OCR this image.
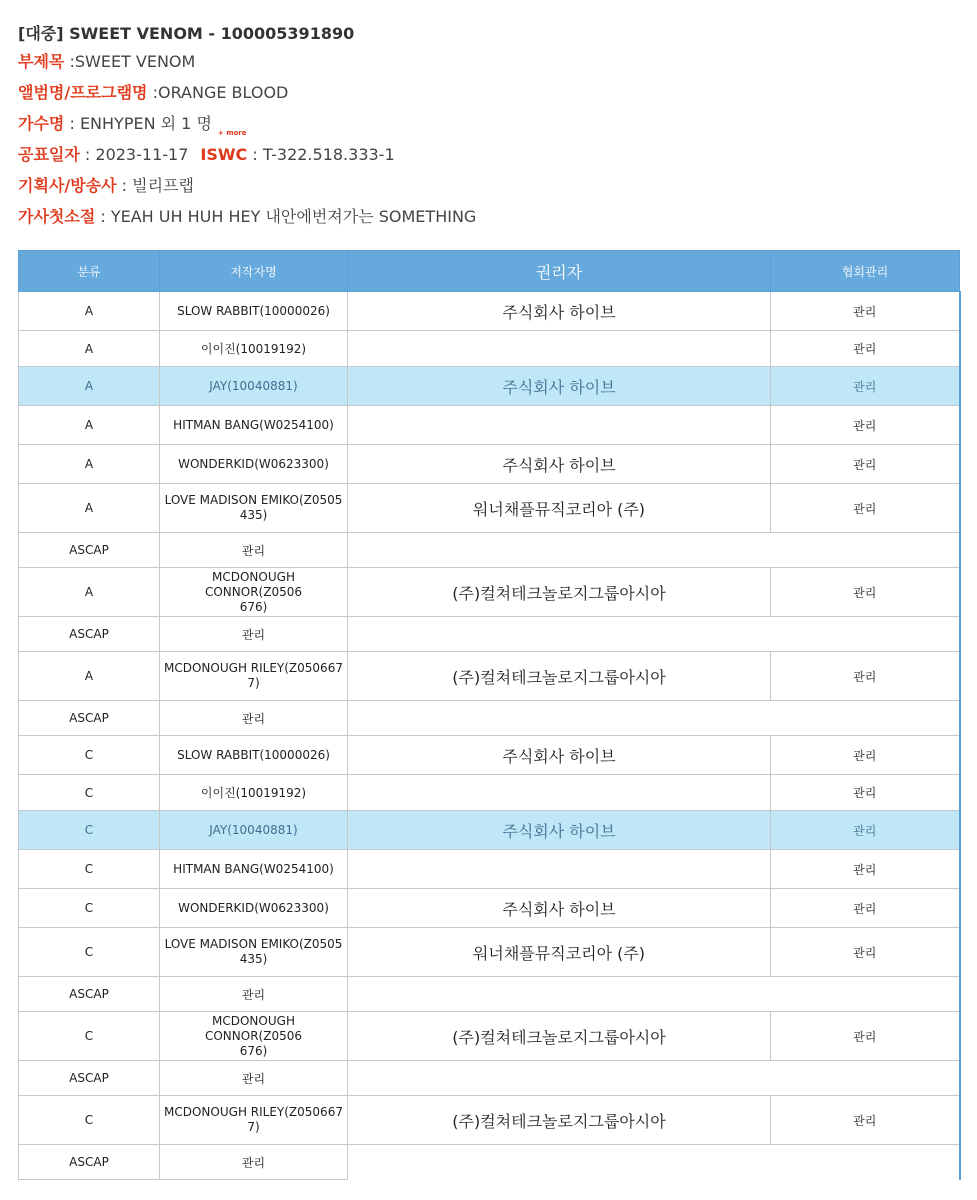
[대중] SWEET VENOM - 100005391890
부제목 :SWEET VENOM
앨범명/프로그램명 :ORANGE BLOOD
가수명 : ENHYPEN 외 1 명 $_{+ more}$
공표일자 : 2023-11-17 ISWC : T-322.518.333-1
기획사/방송사 : 빌리프랩
가사첫소절 : YEAH UH HUH HEY 내안에번져가는 SOMETHING
분류	저작자명	권리자	협회관리
A	SLOW RABBIT(10000026)	주식회사 하이브	관리
A	이이진(10019192)		관리
A	JAY(10040881)	주식회사 하이브	관리
A	HITMAN BANG(W0254100)		관리
A	WONDERKID(W0623300)	주식회사 하이브	관리
A	LOVE MADISON EMIKO(Z0505
435)	워너채플뮤직코리아 (주)	관리
ASCAP	관리		
A	MCDONOUGH CONNOR(Z0506
676)	(주)컬쳐테크놀로지그룹아시아	관리
ASCAP	관리		
A	MCDONOUGH RILEY(Z050667
7)	(주)컬쳐테크놀로지그룹아시아	관리
ASCAP	관리		
C	SLOW RABBIT(10000026)	주식회사 하이브	관리
C	이이진(10019192)		관리
C	JAY(10040881)	주식회사 하이브	관리
C	HITMAN BANG(W0254100)		관리
C	WONDERKID(W0623300)	주식회사 하이브	관리
C	LOVE MADISON EMIKO(Z0505
435)	워너채플뮤직코리아 (주)	관리
ASCAP	관리		
C	MCDONOUGH CONNOR(Z0506
676)	(주)컬쳐테크놀로지그룹아시아	관리
ASCAP	관리		
C	MCDONOUGH RILEY(Z050667
7)	(주)컬쳐테크놀로지그룹아시아	관리
ASCAP	관리		
